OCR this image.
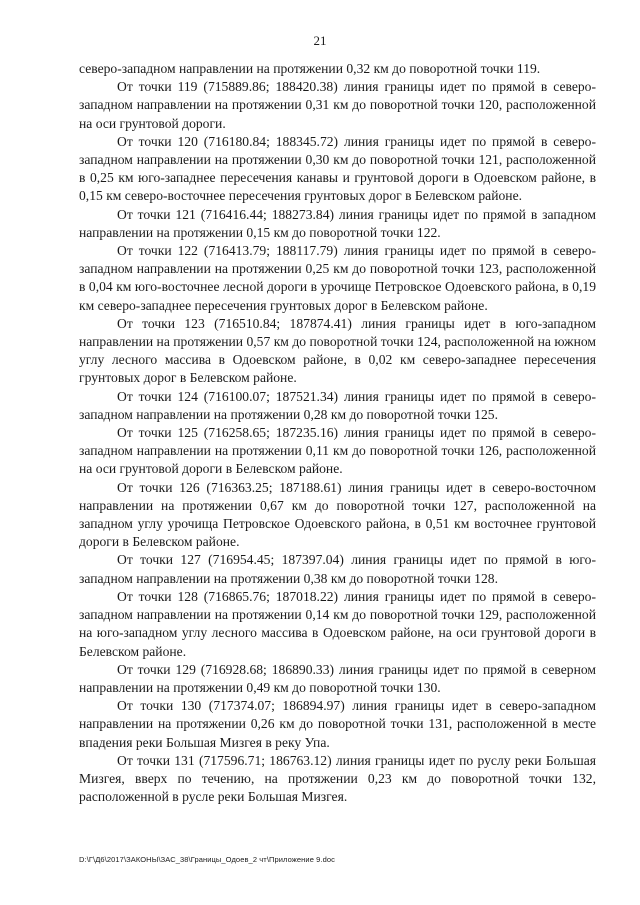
21

северо-западном направлении на протяжении 0,32 км до поворотной точки 119.

От точки 119 (715889.86; 188420.38) линия границы идет по прямой в северо-западном направлении на протяжении 0,31 км до поворотной точки 120, расположенной на оси грунтовой дороги.

От точки 120 (716180.84; 188345.72) линия границы идет по прямой в северо-западном направлении на протяжении 0,30 км до поворотной точки 121, расположенной в 0,25 км юго-западнее пересечения канавы и грунтовой дороги в Одоевском районе, в 0,15 км северо-восточнее пересечения грунтовых дорог в Белевском районе.

От точки 121 (716416.44; 188273.84) линия границы идет по прямой в западном направлении на протяжении 0,15 км до поворотной точки 122.

От точки 122 (716413.79; 188117.79) линия границы идет по прямой в северо-западном направлении на протяжении 0,25 км до поворотной точки 123, расположенной в 0,04 км юго-восточнее лесной дороги в урочище Петровское Одоевского района, в 0,19 км северо-западнее пересечения грунтовых дорог в Белевском районе.

От точки 123 (716510.84; 187874.41) линия границы идет в юго-западном направлении на протяжении 0,57 км до поворотной точки 124, расположенной на южном углу лесного массива в Одоевском районе, в 0,02 км северо-западнее пересечения грунтовых дорог в Белевском районе.

От точки 124 (716100.07; 187521.34) линия границы идет по прямой в северо-западном направлении на протяжении 0,28 км до поворотной точки 125.

От точки 125 (716258.65; 187235.16) линия границы идет по прямой в северо-западном направлении на протяжении 0,11 км до поворотной точки 126, расположенной на оси грунтовой дороги в Белевском районе.

От точки 126 (716363.25; 187188.61) линия границы идет в северо-восточном направлении на протяжении 0,67 км до поворотной точки 127, расположенной на западном углу урочища Петровское Одоевского района, в 0,51 км восточнее грунтовой дороги в Белевском районе.

От точки 127 (716954.45; 187397.04) линия границы идет по прямой в юго-западном направлении на протяжении 0,38 км до поворотной точки 128.

От точки 128 (716865.76; 187018.22) линия границы идет по прямой в северо-западном направлении на протяжении 0,14 км до поворотной точки 129, расположенной на юго-западном углу лесного массива в Одоевском районе, на оси грунтовой дороги в Белевском районе.

От точки 129 (716928.68; 186890.33) линия границы идет по прямой в северном направлении на протяжении 0,49 км до поворотной точки 130.

От точки 130 (717374.07; 186894.97) линия границы идет в северо-западном направлении на протяжении 0,26 км до поворотной точки 131, расположенной в месте впадения реки Большая Мизгея в реку Упа.

От точки 131 (717596.71; 186763.12) линия границы идет по руслу реки Большая Мизгея, вверх по течению, на протяжении 0,23 км до поворотной точки 132, расположенной в русле реки Большая Мизгея.

D:\Г\Д6\2017\ЗАКОНЫ\ЗАС_38\Границы_Одоев_2 чт\Приложение 9.doc
